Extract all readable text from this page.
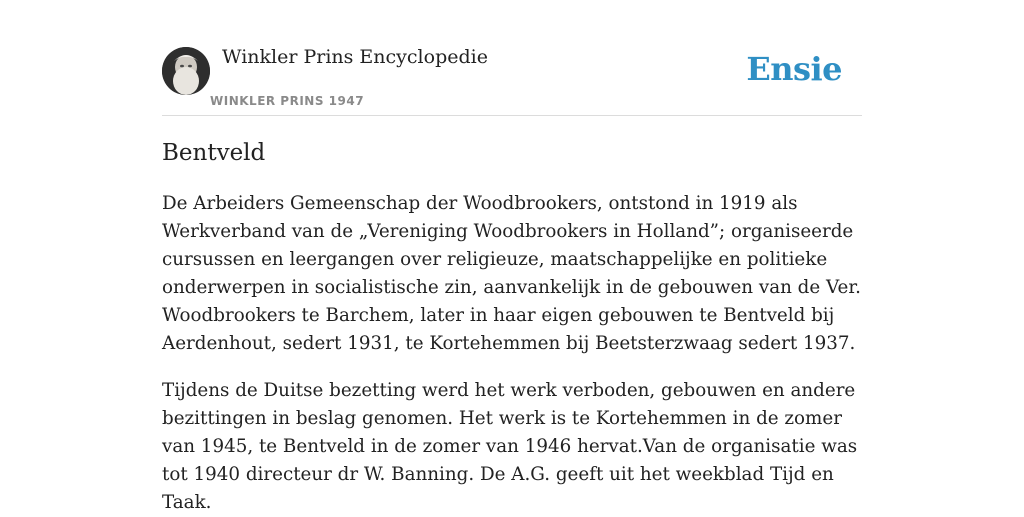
Winkler Prins Encyclopedie
WINKLER PRINS 1947
Ensie
Bentveld

De Arbeiders Gemeenschap der Woodbrookers, ontstond in 1919 als Werkverband van de „Vereniging Woodbrookers in Holland”; organiseerde cursussen en leergangen over religieuze, maatschappelijke en politieke onderwerpen in socialistische zin, aanvankelijk in de gebouwen van de Ver. Woodbrookers te Barchem, later in haar eigen gebouwen te Bentveld bij Aerdenhout, sedert 1931, te Kortehemmen bij Beetsterzwaag sedert 1937.

Tijdens de Duitse bezetting werd het werk verboden, gebouwen en andere bezittingen in beslag genomen. Het werk is te Kortehemmen in de zomer van 1945, te Bentveld in de zomer van 1946 hervat.Van de organisatie was tot 1940 directeur dr W. Banning. De A.G. geeft uit het weekblad Tijd en Taak.
